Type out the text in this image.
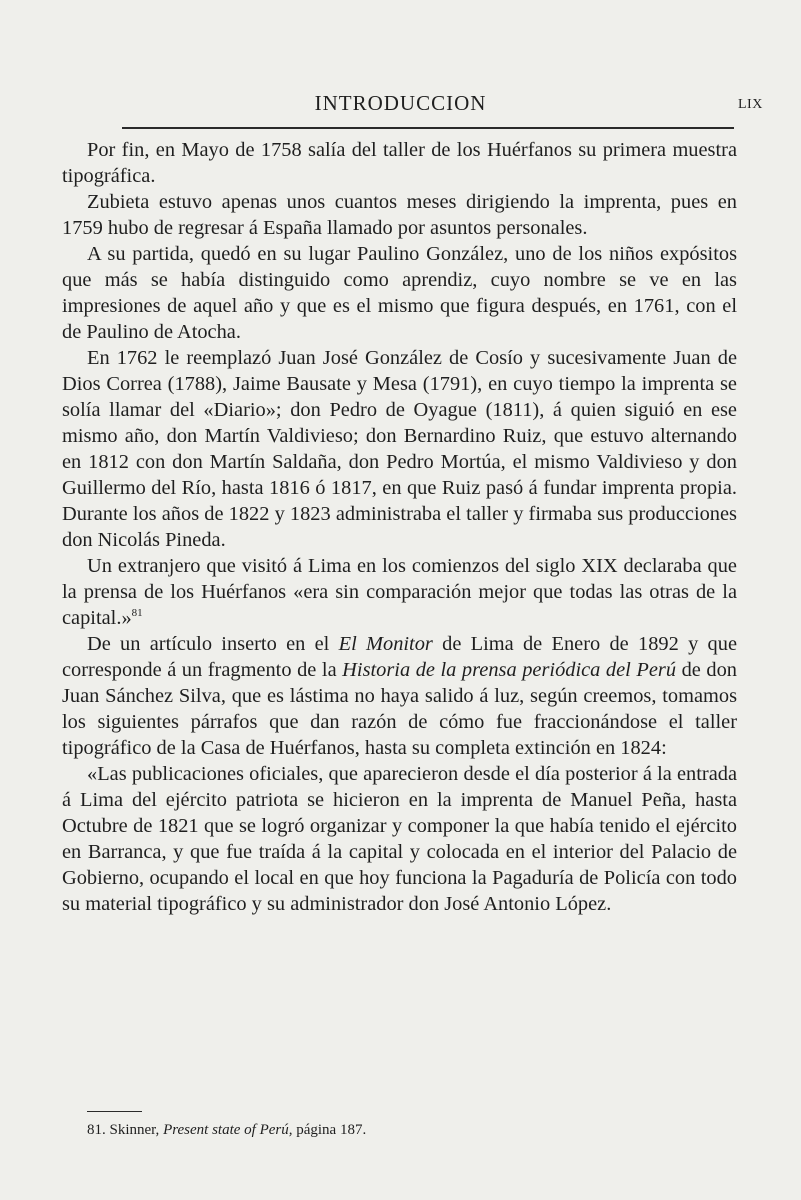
INTRODUCCION	LIX

Por fin, en Mayo de 1758 salía del taller de los Huérfanos su primera muestra tipográfica.

Zubieta estuvo apenas unos cuantos meses dirigiendo la imprenta, pues en 1759 hubo de regresar á España llamado por asuntos personales.

A su partida, quedó en su lugar Paulino González, uno de los niños expósitos que más se había distinguido como aprendiz, cuyo nombre se ve en las impresiones de aquel año y que es el mismo que figura después, en 1761, con el de Paulino de Atocha.

En 1762 le reemplazó Juan José González de Cosío y sucesivamente Juan de Dios Correa (1788), Jaime Bausate y Mesa (1791), en cuyo tiempo la imprenta se solía llamar del «Diario»; don Pedro de Oyague (1811), á quien siguió en ese mismo año, don Martín Valdivieso; don Bernardino Ruiz, que estuvo alternando en 1812 con don Martín Saldaña, don Pedro Mortúa, el mismo Valdivieso y don Guillermo del Río, hasta 1816 ó 1817, en que Ruiz pasó á fundar imprenta propia. Durante los años de 1822 y 1823 administraba el taller y firmaba sus producciones don Nicolás Pineda.

Un extranjero que visitó á Lima en los comienzos del siglo XIX declaraba que la prensa de los Huérfanos «era sin comparación mejor que todas las otras de la capital.»$^{81}$

De un artículo inserto en el El Monitor de Lima de Enero de 1892 y que corresponde á un fragmento de la Historia de la prensa periódica del Perú de don Juan Sánchez Silva, que es lástima no haya salido á luz, según creemos, tomamos los siguientes párrafos que dan razón de cómo fue fraccionándose el taller tipográfico de la Casa de Huérfanos, hasta su completa extinción en 1824:

«Las publicaciones oficiales, que aparecieron desde el día posterior á la entrada á Lima del ejército patriota se hicieron en la imprenta de Manuel Peña, hasta Octubre de 1821 que se logró organizar y componer la que había tenido el ejército en Barranca, y que fue traída á la capital y colocada en el interior del Palacio de Gobierno, ocupando el local en que hoy funciona la Pagaduría de Policía con todo su material tipográfico y su administrador don José Antonio López.

81. Skinner, Present state of Perú, página 187.
